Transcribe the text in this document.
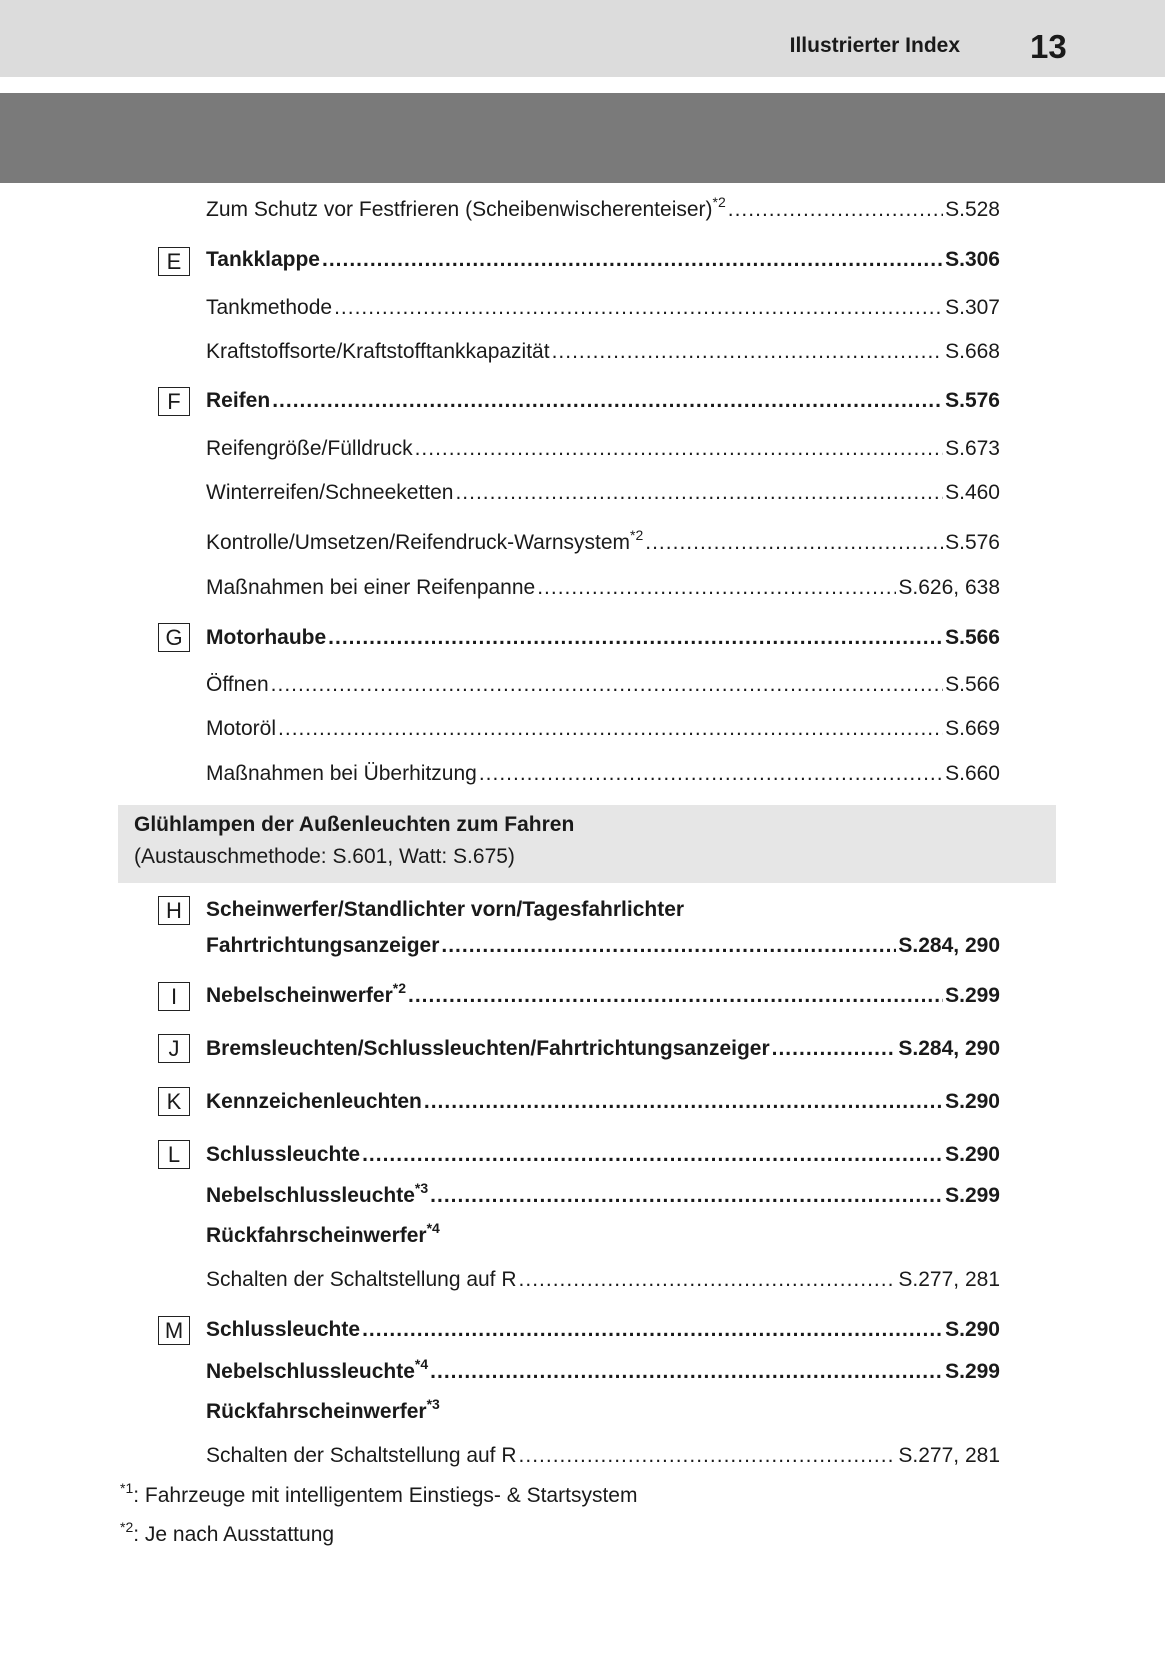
Illustrierter Index 13
Zum Schutz vor Festfrieren (Scheibenwischerenteiser)$^{*2}$ .....	S.528
E	Tankklappe .....	S.306
Tankmethode .....	S.307
Kraftstoffsorte/Kraftstofftankkapazität .....	S.668
F	Reifen .....	S.576
Reifengröße/Fülldruck .....	S.673
Winterreifen/Schneeketten .....	S.460
Kontrolle/Umsetzen/Reifendruck-Warnsystem$^{*2}$ .....	S.576
Maßnahmen bei einer Reifenpanne .....	S.626, 638
G	Motorhaube .....	S.566
Öffnen .....	S.566
Motoröl .....	S.669
Maßnahmen bei Überhitzung .....	S.660
Glühlampen der Außenleuchten zum Fahren
(Austauschmethode: S.601, Watt: S.675)
H	Scheinwerfer/Standlichter vorn/Tagesfahrlichter
Fahrtrichtungsanzeiger .....	S.284, 290
I	Nebelscheinwerfer$^{*2}$ .....	S.299
J	Bremsleuchten/Schlussleuchten/Fahrtrichtungsanzeiger .....	S.284, 290
K	Kennzeichenleuchten .....	S.290
L	Schlussleuchte .....	S.290
Nebelschlussleuchte$^{*3}$ .....	S.299
Rückfahrscheinwerfer$^{*4}$
Schalten der Schaltstellung auf R .....	S.277, 281
M	Schlussleuchte .....	S.290
Nebelschlussleuchte$^{*4}$ .....	S.299
Rückfahrscheinwerfer$^{*3}$
Schalten der Schaltstellung auf R .....	S.277, 281
$^{*1}$: Fahrzeuge mit intelligentem Einstiegs- & Startsystem
$^{*2}$: Je nach Ausstattung
